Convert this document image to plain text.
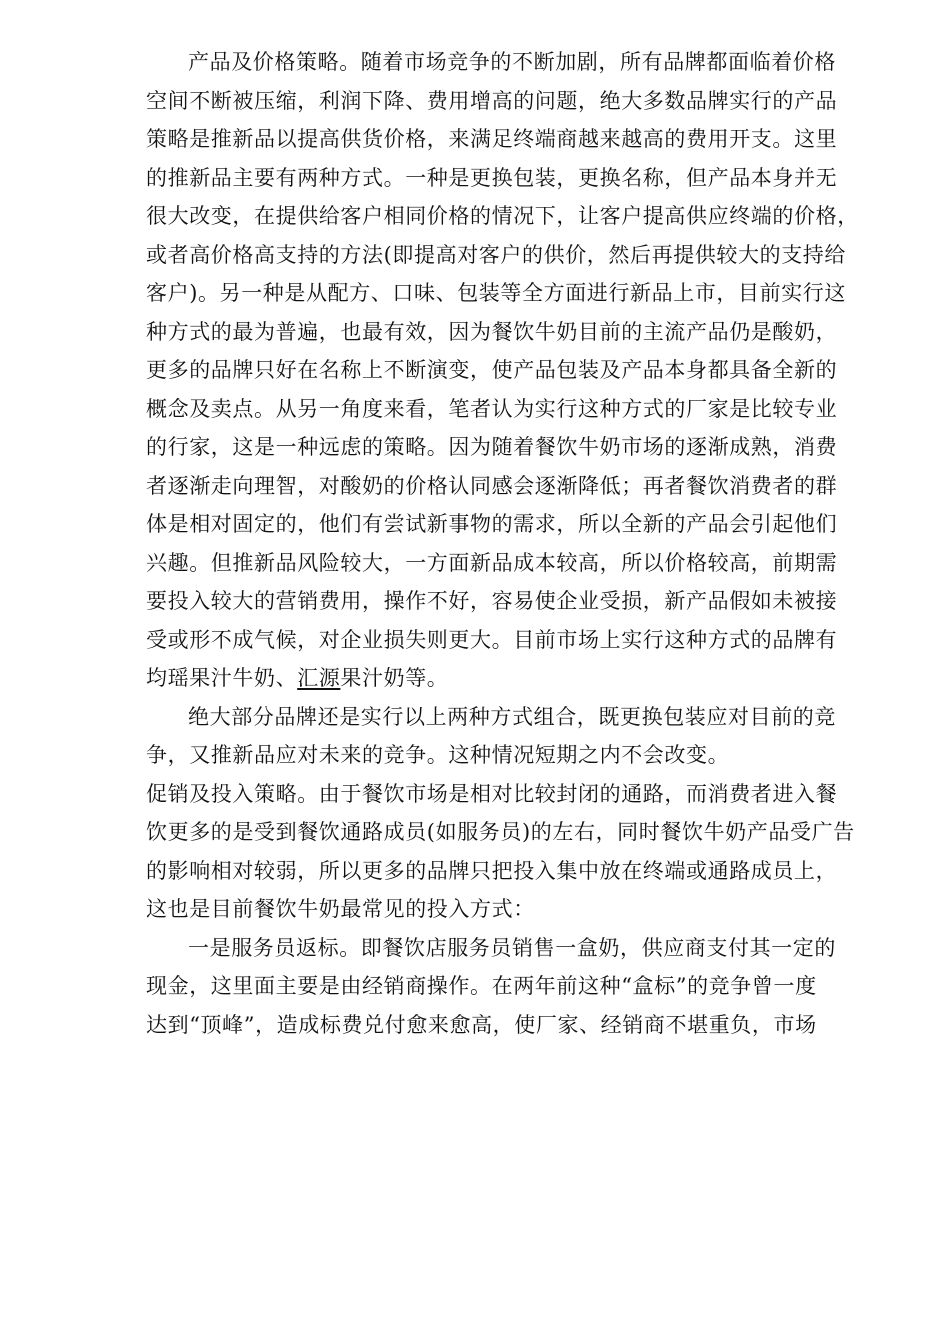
产品及价格策略。随着市场竞争的不断加剧，所有品牌都面临着价格
空间不断被压缩，利润下降、费用增高的问题，绝大多数品牌实行的产品
策略是推新品以提高供货价格，来满足终端商越来越高的费用开支。这里
的推新品主要有两种方式。一种是更换包装，更换名称，但产品本身并无
很大改变，在提供给客户相同价格的情况下，让客户提高供应终端的价格，
或者高价格高支持的方法(即提高对客户的供价，然后再提供较大的支持给
客户)。另一种是从配方、口味、包装等全方面进行新品上市，目前实行这
种方式的最为普遍，也最有效，因为餐饮牛奶目前的主流产品仍是酸奶，
更多的品牌只好在名称上不断演变，使产品包装及产品本身都具备全新的
概念及卖点。从另一角度来看，笔者认为实行这种方式的厂家是比较专业
的行家，这是一种远虑的策略。因为随着餐饮牛奶市场的逐渐成熟，消费
者逐渐走向理智，对酸奶的价格认同感会逐渐降低；再者餐饮消费者的群
体是相对固定的，他们有尝试新事物的需求，所以全新的产品会引起他们
兴趣。但推新品风险较大，一方面新品成本较高，所以价格较高，前期需
要投入较大的营销费用，操作不好，容易使企业受损，新产品假如未被接
受或形不成气候，对企业损失则更大。目前市场上实行这种方式的品牌有
均瑶果汁牛奶、汇源果汁奶等。
绝大部分品牌还是实行以上两种方式组合，既更换包装应对目前的竞
争，又推新品应对未来的竞争。这种情况短期之内不会改变。
促销及投入策略。由于餐饮市场是相对比较封闭的通路，而消费者进入餐
饮更多的是受到餐饮通路成员(如服务员)的左右，同时餐饮牛奶产品受广告
的影响相对较弱，所以更多的品牌只把投入集中放在终端或通路成员上，
这也是目前餐饮牛奶最常见的投入方式：
一是服务员返标。即餐饮店服务员销售一盒奶，供应商支付其一定的
现金，这里面主要是由经销商操作。在两年前这种“盒标”的竞争曾一度
达到“顶峰”，造成标费兑付愈来愈高，使厂家、经销商不堪重负，市场
